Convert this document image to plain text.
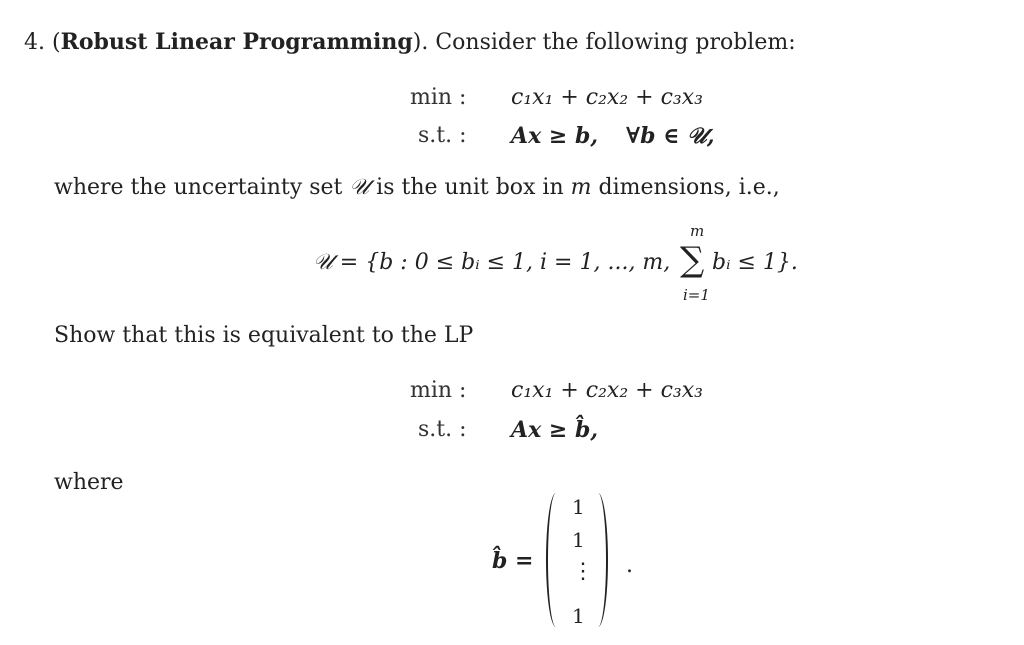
4. (Robust Linear Programming). Consider the following problem:
min :
s.t. :
c₁x₁ + c₂x₂ + c₃x₃
Ax ≥ b, ∀b ∈ 𝒰,
where the uncertainty set 𝒰 is the unit box in m dimensions, i.e.,
𝒰 = {b : 0 ≤ bᵢ ≤ 1, i = 1, ..., m,
m
∑
i=1
bᵢ ≤ 1}.
Show that this is equivalent to the LP
min :
s.t. :
c₁x₁ + c₂x₂ + c₃x₃
Ax ≥ b̂,
where
b̂ =
1
1
⋮
1
.
